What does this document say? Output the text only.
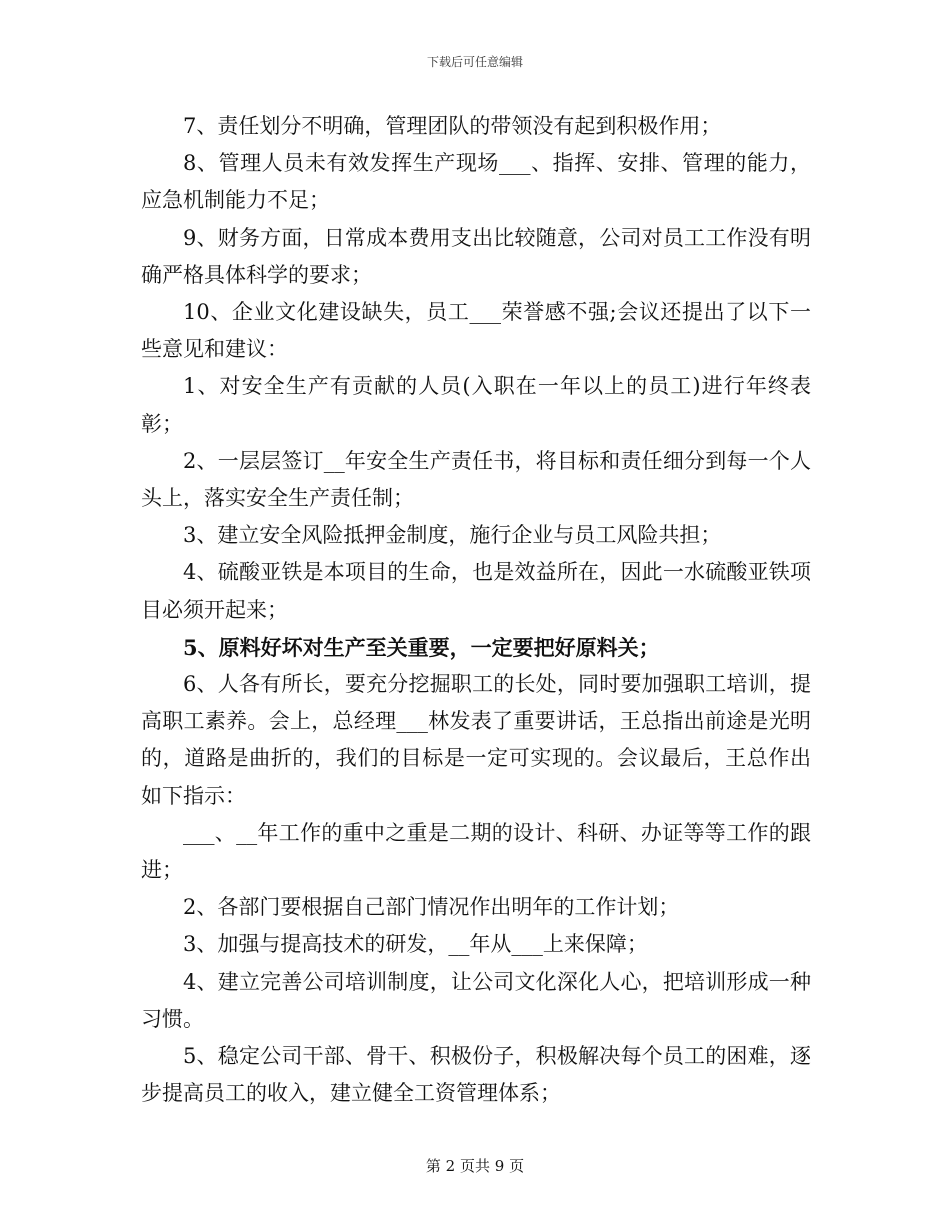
下载后可任意编辑

7、责任划分不明确，管理团队的带领没有起到积极作用；

8、管理人员未有效发挥生产现场___、指挥、安排、管理的能力，应急机制能力不足；

9、财务方面，日常成本费用支出比较随意，公司对员工工作没有明确严格具体科学的要求；

10、企业文化建设缺失，员工___荣誉感不强;会议还提出了以下一些意见和建议：

1、对安全生产有贡献的人员(入职在一年以上的员工)进行年终表彰；

2、一层层签订__年安全生产责任书，将目标和责任细分到每一个人头上，落实安全生产责任制；

3、建立安全风险抵押金制度，施行企业与员工风险共担；

4、硫酸亚铁是本项目的生命，也是效益所在，因此一水硫酸亚铁项目必须开起来；

5、原料好坏对生产至关重要，一定要把好原料关；

6、人各有所长，要充分挖掘职工的长处，同时要加强职工培训，提高职工素养。会上，总经理___林发表了重要讲话，王总指出前途是光明的，道路是曲折的，我们的目标是一定可实现的。会议最后，王总作出如下指示：

___、__年工作的重中之重是二期的设计、科研、办证等等工作的跟进；

2、各部门要根据自己部门情况作出明年的工作计划；

3、加强与提高技术的研发，__年从___上来保障；

4、建立完善公司培训制度，让公司文化深化人心，把培训形成一种习惯。

5、稳定公司干部、骨干、积极份子，积极解决每个员工的困难，逐步提高员工的收入，建立健全工资管理体系；

第 2 页共 9 页
